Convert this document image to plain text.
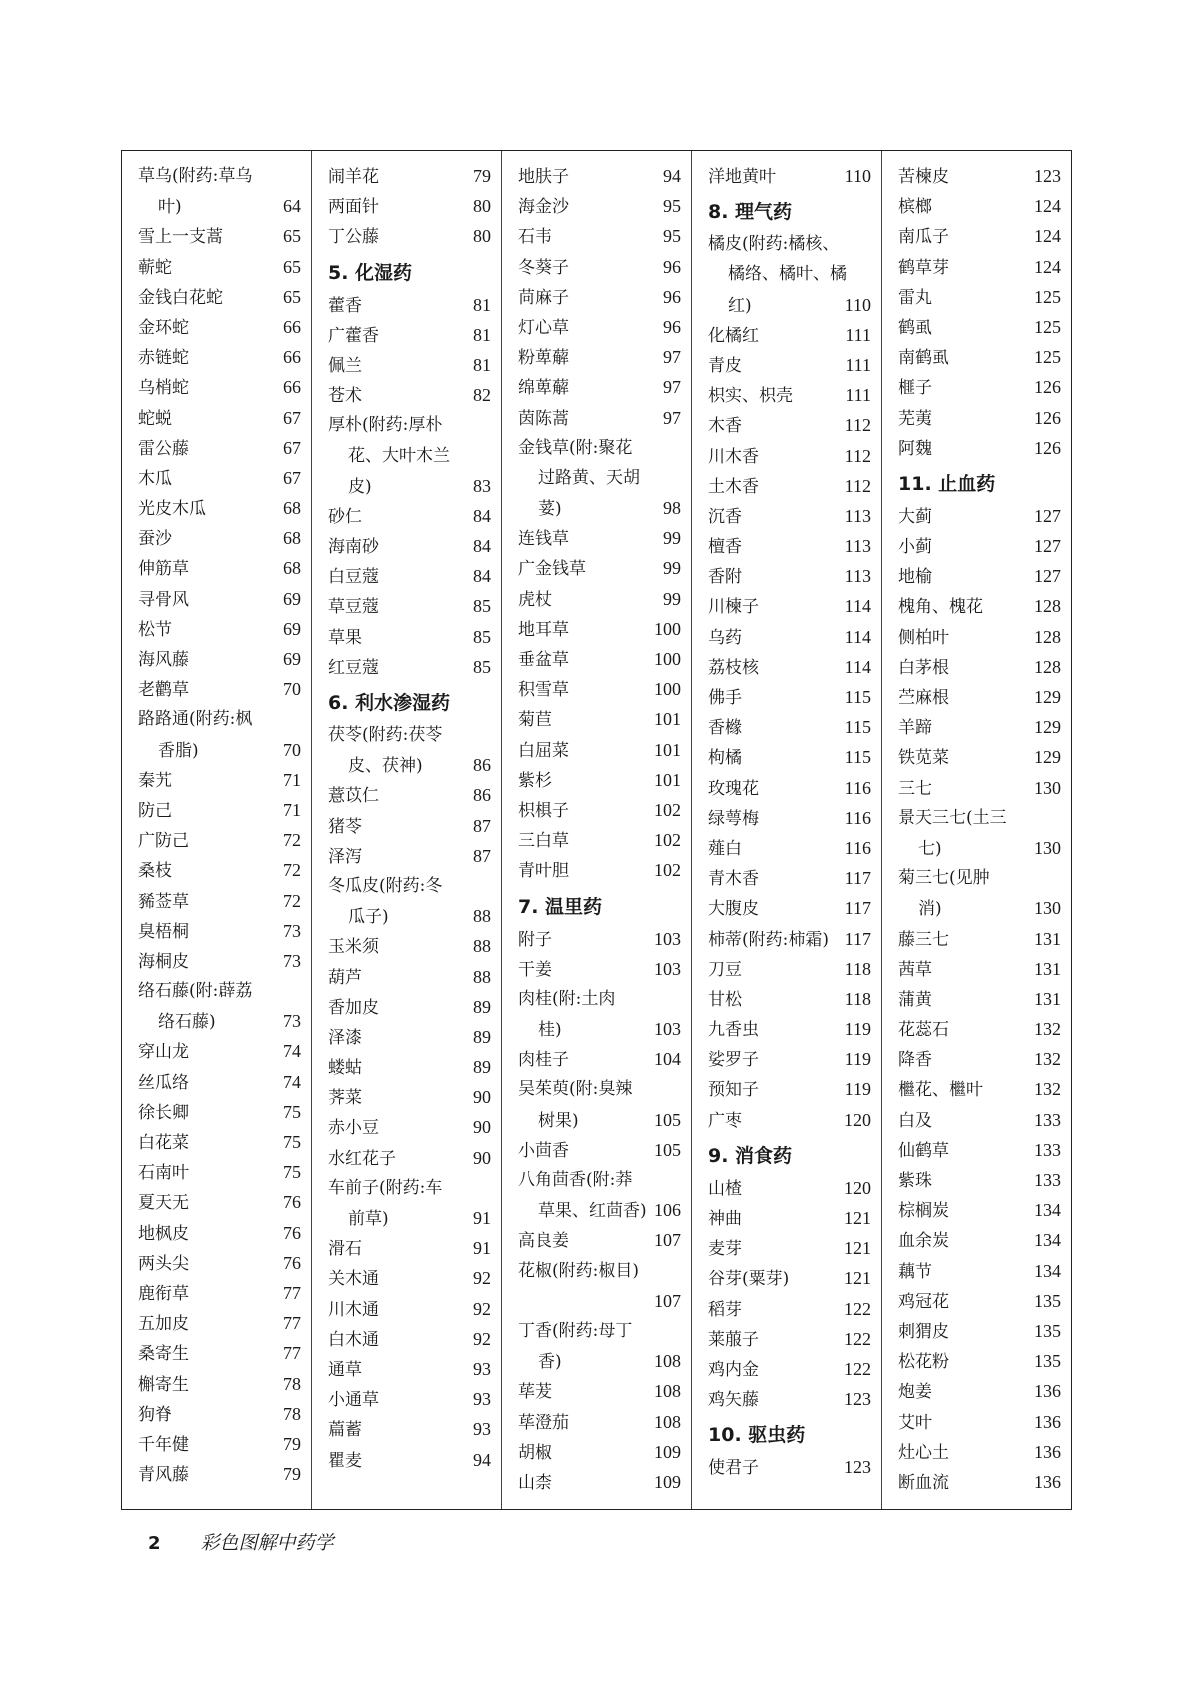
草乌(附药:草乌
叶)	64
雪上一支蒿	65
蕲蛇	65
金钱白花蛇	65
金环蛇	66
赤链蛇	66
乌梢蛇	66
蛇蜕	67
雷公藤	67
木瓜	67
光皮木瓜	68
蚕沙	68
伸筋草	68
寻骨风	69
松节	69
海风藤	69
老鹳草	70
路路通(附药:枫
香脂)	70
秦艽	71
防己	71
广防己	72
桑枝	72
豨莶草	72
臭梧桐	73
海桐皮	73
络石藤(附:薜荔
络石藤)	73
穿山龙	74
丝瓜络	74
徐长卿	75
白花菜	75
石南叶	75
夏天无	76
地枫皮	76
两头尖	76
鹿衔草	77
五加皮	77
桑寄生	77
槲寄生	78
狗脊	78
千年健	79
青风藤	79
闹羊花	79
两面针	80
丁公藤	80
5. 化湿药
藿香	81
广藿香	81
佩兰	81
苍术	82
厚朴(附药:厚朴
花、大叶木兰
皮)	83
砂仁	84
海南砂	84
白豆蔻	84
草豆蔻	85
草果	85
红豆蔻	85
6. 利水渗湿药
茯苓(附药:茯苓
皮、茯神)	86
薏苡仁	86
猪苓	87
泽泻	87
冬瓜皮(附药:冬
瓜子)	88
玉米须	88
葫芦	88
香加皮	89
泽漆	89
蝼蛄	89
荠菜	90
赤小豆	90
水红花子	90
车前子(附药:车
前草)	91
滑石	91
关木通	92
川木通	92
白木通	92
通草	93
小通草	93
萹蓄	93
瞿麦	94
地肤子	94
海金沙	95
石韦	95
冬葵子	96
苘麻子	96
灯心草	96
粉萆薢	97
绵萆薢	97
茵陈蒿	97
金钱草(附:聚花
过路黄、天胡
荽)	98
连钱草	99
广金钱草	99
虎杖	99
地耳草	100
垂盆草	100
积雪草	100
菊苣	101
白屈菜	101
紫杉	101
枳椇子	102
三白草	102
青叶胆	102
7. 温里药
附子	103
干姜	103
肉桂(附:土肉
桂)	103
肉桂子	104
吴茱萸(附:臭辣
树果)	105
小茴香	105
八角茴香(附:莽
草果、红茴香) 106
高良姜	107
花椒(附药:椒目)
107
丁香(附药:母丁
香)	108
荜茇	108
荜澄茄	108
胡椒	109
山柰	109
洋地黄叶	110
8. 理气药
橘皮(附药:橘核、
橘络、橘叶、橘
红)	110
化橘红	111
青皮	111
枳实、枳壳	111
木香	112
川木香	112
土木香	112
沉香	113
檀香	113
香附	113
川楝子	114
乌药	114
荔枝核	114
佛手	115
香橼	115
枸橘	115
玫瑰花	116
绿萼梅	116
薤白	116
青木香	117
大腹皮	117
柿蒂(附药:柿霜) 117
刀豆	118
甘松	118
九香虫	119
娑罗子	119
预知子	119
广枣	120
9. 消食药
山楂	120
神曲	121
麦芽	121
谷芽(粟芽)	121
稻芽	122
莱菔子	122
鸡内金	122
鸡矢藤	123
10. 驱虫药
使君子	123
苦楝皮	123
槟榔	124
南瓜子	124
鹤草芽	124
雷丸	125
鹤虱	125
南鹤虱	125
榧子	126
芜荑	126
阿魏	126
11. 止血药
大蓟	127
小蓟	127
地榆	127
槐角、槐花	128
侧柏叶	128
白茅根	128
苎麻根	129
羊蹄	129
铁苋菜	129
三七	130
景天三七(土三
七)	130
菊三七(见肿
消)	130
藤三七	131
茜草	131
蒲黄	131
花蕊石	132
降香	132
檵花、檵叶	132
白及	133
仙鹤草	133
紫珠	133
棕榈炭	134
血余炭	134
藕节	134
鸡冠花	135
刺猬皮	135
松花粉	135
炮姜	136
艾叶	136
灶心土	136
断血流	136
2 彩色图解中药学
